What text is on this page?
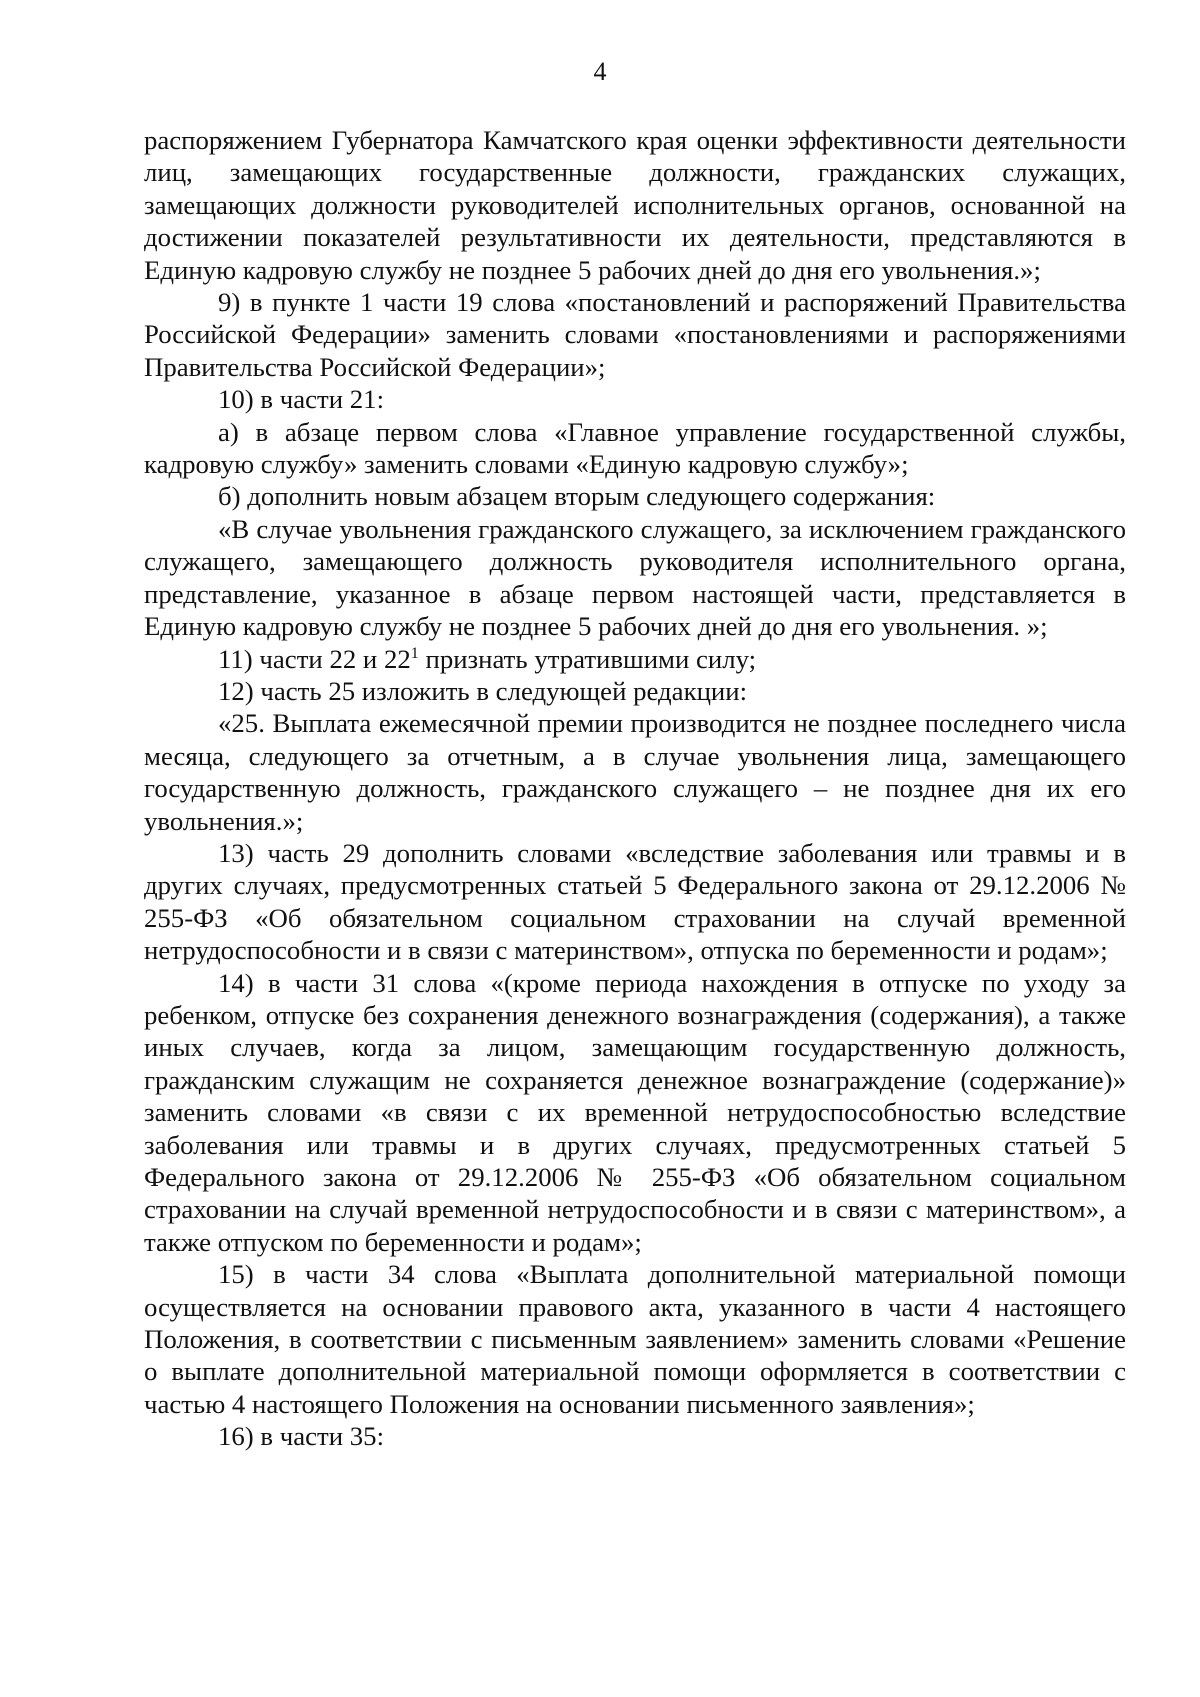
4

распоряжением Губернатора Камчатского края оценки эффективности деятельности лиц, замещающих государственные должности, гражданских служащих, замещающих должности руководителей исполнительных органов, основанной на достижении показателей результативности их деятельности, представляются в Единую кадровую службу не позднее 5 рабочих дней до дня его увольнения.»;

9) в пункте 1 части 19 слова «постановлений и распоряжений Правительства Российской Федерации» заменить словами «постановлениями и распоряжениями Правительства Российской Федерации»;

10) в части 21:

а) в абзаце первом слова «Главное управление государственной службы, кадровую службу» заменить словами «Единую кадровую службу»;

б) дополнить новым абзацем вторым следующего содержания:

«В случае увольнения гражданского служащего, за исключением гражданского служащего, замещающего должность руководителя исполнительного органа, представление, указанное в абзаце первом настоящей части, представляется в Единую кадровую службу не позднее 5 рабочих дней до дня его увольнения. »;

11) части 22 и $22^1$ признать утратившими силу;

12) часть 25 изложить в следующей редакции:

«25. Выплата ежемесячной премии производится не позднее последнего числа месяца, следующего за отчетным, а в случае увольнения лица, замещающего государственную должность, гражданского служащего – не позднее дня их его увольнения.»;

13) часть 29 дополнить словами «вследствие заболевания или травмы и в других случаях, предусмотренных статьей 5 Федерального закона от 29.12.2006 № 255-ФЗ «Об обязательном социальном страховании на случай временной нетрудоспособности и в связи с материнством», отпуска по беременности и родам»;

14) в части 31 слова «(кроме периода нахождения в отпуске по уходу за ребенком, отпуске без сохранения денежного вознаграждения (содержания), а также иных случаев, когда за лицом, замещающим государственную должность, гражданским служащим не сохраняется денежное вознаграждение (содержание)» заменить словами «в связи с их временной нетрудоспособностью вследствие заболевания или травмы и в других случаях, предусмотренных статьей 5 Федерального закона от 29.12.2006 № 255-ФЗ «Об обязательном социальном страховании на случай временной нетрудоспособности и в связи с материнством», а также отпуском по беременности и родам»;

15) в части 34 слова «Выплата дополнительной материальной помощи осуществляется на основании правового акта, указанного в части 4 настоящего Положения, в соответствии с письменным заявлением» заменить словами «Решение о выплате дополнительной материальной помощи оформляется в соответствии с частью 4 настоящего Положения на основании письменного заявления»;

16) в части 35:
